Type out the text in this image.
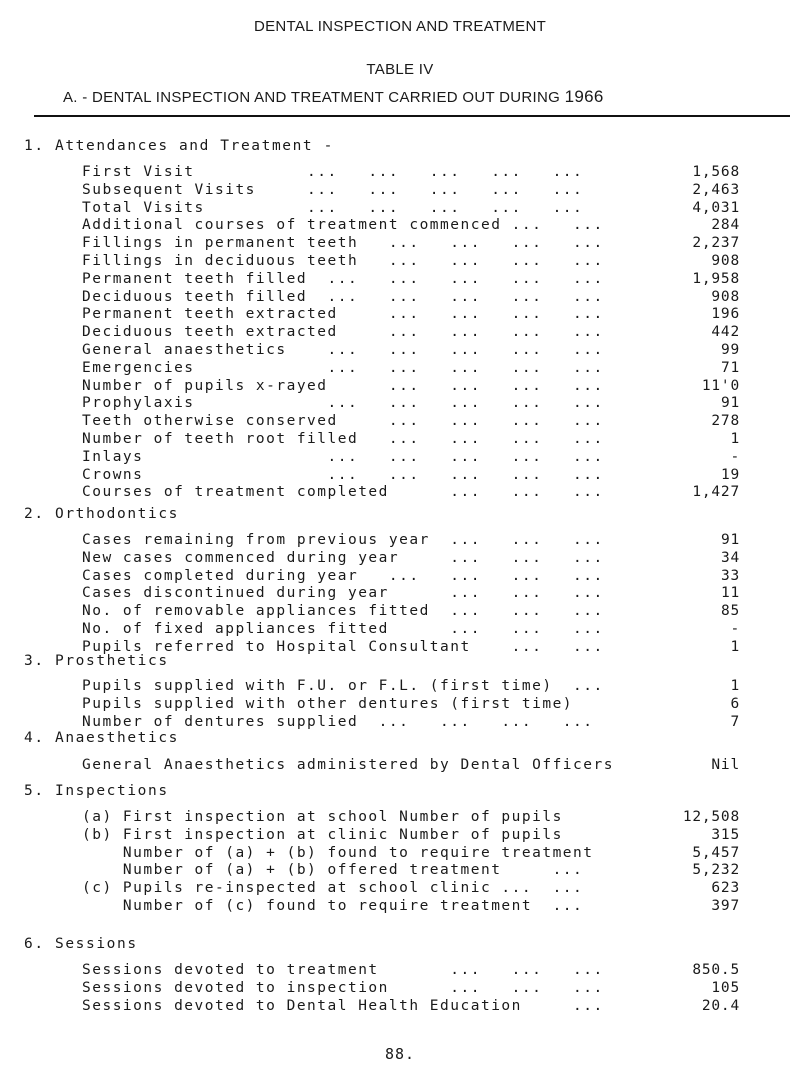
DENTAL INSPECTION AND TREATMENT
TABLE IV
A. - DENTAL INSPECTION AND TREATMENT CARRIED OUT DURING 1966
1. Attendances and Treatment -
First Visit           ...   ...   ...   ...   ...	1,568
Subsequent Visits     ...   ...   ...   ...   ...	2,463
Total Visits          ...   ...   ...   ...   ...	4,031
Additional courses of treatment commenced ...   ...	284
Fillings in permanent teeth   ...   ...   ...   ...	2,237
Fillings in deciduous teeth   ...   ...   ...   ...	908
Permanent teeth filled  ...   ...   ...   ...   ...	1,958
Deciduous teeth filled  ...   ...   ...   ...   ...	908
Permanent teeth extracted     ...   ...   ...   ...	196
Deciduous teeth extracted     ...   ...   ...   ...	442
General anaesthetics    ...   ...   ...   ...   ...	99
Emergencies             ...   ...   ...   ...   ...	71
Number of pupils x-rayed      ...   ...   ...   ...	11'0
Prophylaxis             ...   ...   ...   ...   ...	91
Teeth otherwise conserved     ...   ...   ...   ...	278
Number of teeth root filled   ...   ...   ...   ...	1
Inlays                  ...   ...   ...   ...   ...	-
Crowns                  ...   ...   ...   ...   ...	19
Courses of treatment completed      ...   ...   ...	1,427
2. Orthodontics
Cases remaining from previous year  ...   ...   ...	91
New cases commenced during year     ...   ...   ...	34
Cases completed during year   ...   ...   ...   ...	33
Cases discontinued during year      ...   ...   ...	11
No. of removable appliances fitted  ...   ...   ...	85
No. of fixed appliances fitted      ...   ...   ...	-
Pupils referred to Hospital Consultant    ...   ...	1
3. Prosthetics
Pupils supplied with F.U. or F.L. (first time)  ...	1
Pupils supplied with other dentures (first time)	6
Number of dentures supplied  ...   ...   ...   ...	7
4. Anaesthetics
General Anaesthetics administered by Dental Officers	Nil
5. Inspections
(a) First inspection at school Number of pupils	12,508
(b) First inspection at clinic Number of pupils	315
Number of (a) + (b) found to require treatment	5,457
Number of (a) + (b) offered treatment     ...	5,232
(c) Pupils re-inspected at school clinic ...  ...	623
Number of (c) found to require treatment  ...	397
6. Sessions
Sessions devoted to treatment       ...   ...   ...	850.5
Sessions devoted to inspection      ...   ...   ...	105
Sessions devoted to Dental Health Education     ...	20.4
88.
